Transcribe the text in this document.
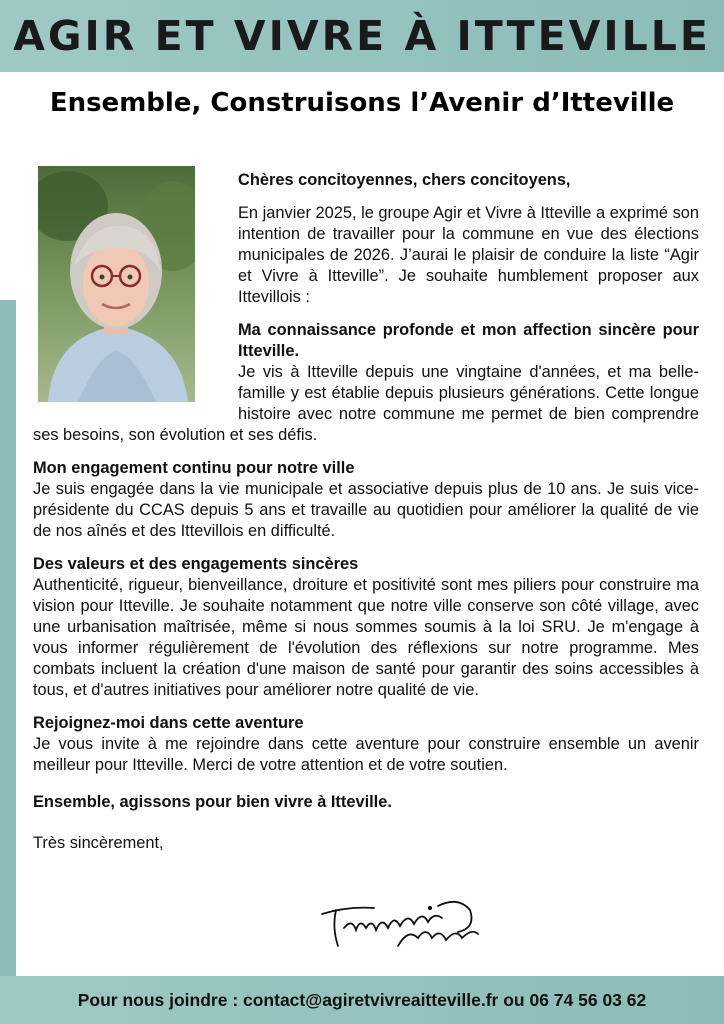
AGIR ET VIVRE À ITTEVILLE
Ensemble, Construisons l’Avenir d’Itteville

Chères concitoyennes, chers concitoyens,

En janvier 2025, le groupe Agir et Vivre à Itteville a exprimé son intention de travailler pour la commune en vue des élections municipales de 2026. J’aurai le plaisir de conduire la liste “Agir et Vivre à Itteville”. Je souhaite humblement proposer aux Ittevillois :

Ma connaissance profonde et mon affection sincère pour Itteville.
Je vis à Itteville depuis une vingtaine d'années, et ma belle-famille y est établie depuis plusieurs générations. Cette longue histoire avec notre commune me permet de bien comprendre ses besoins, son évolution et ses défis.

Mon engagement continu pour notre ville
Je suis engagée dans la vie municipale et associative depuis plus de 10 ans. Je suis vice-présidente du CCAS depuis 5 ans et travaille au quotidien pour améliorer la qualité de vie de nos aînés et des Ittevillois en difficulté.

Des valeurs et des engagements sincères
Authenticité, rigueur, bienveillance, droiture et positivité sont mes piliers pour construire ma vision pour Itteville. Je souhaite notamment que notre ville conserve son côté village, avec une urbanisation maîtrisée, même si nous sommes soumis à la loi SRU. Je m'engage à vous informer régulièrement de l'évolution des réflexions sur notre programme. Mes combats incluent la création d'une maison de santé pour garantir des soins accessibles à tous, et d'autres initiatives pour améliorer notre qualité de vie.

Rejoignez-moi dans cette aventure
Je vous invite à me rejoindre dans cette aventure pour construire ensemble un avenir meilleur pour Itteville. Merci de votre attention et de votre soutien.

Ensemble, agissons pour bien vivre à Itteville.

Très sincèrement,

Pour nous joindre : contact@agiretvivreaitteville.fr ou 06 74 56 03 62
